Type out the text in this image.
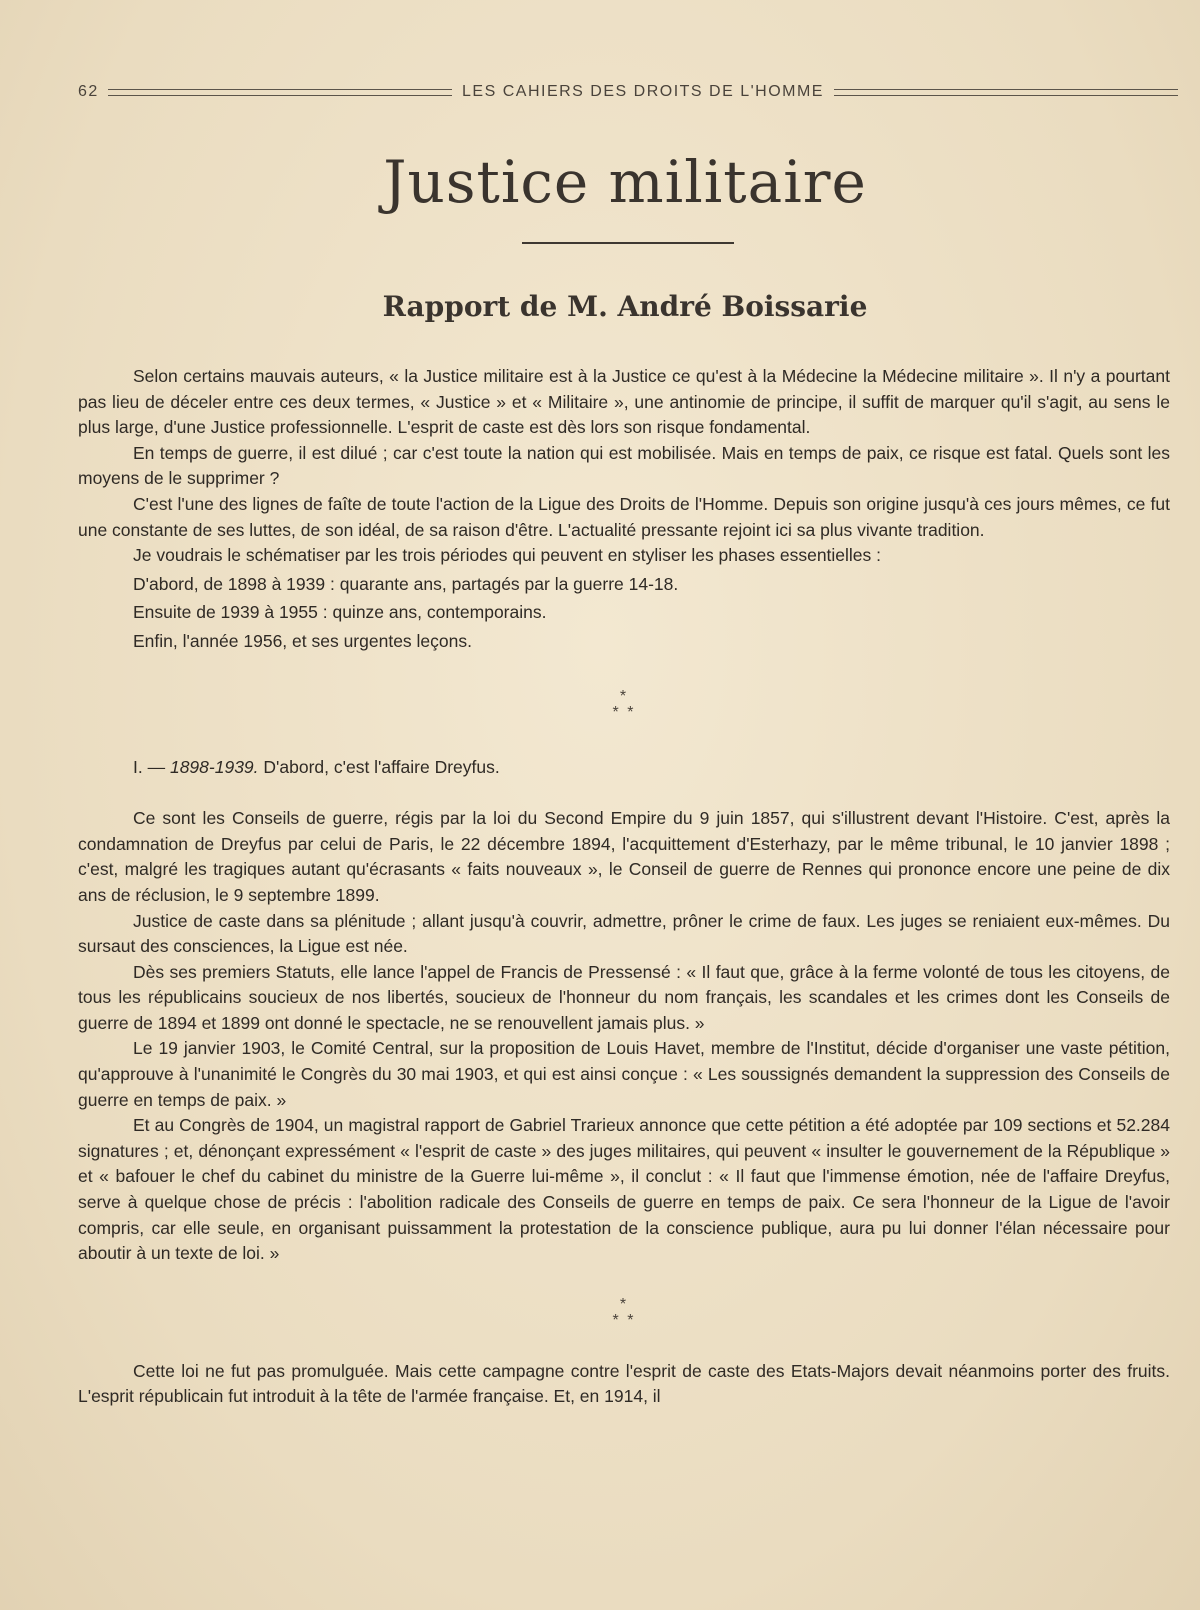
62	LES CAHIERS DES DROITS DE L'HOMME
Justice militaire
Rapport de M. André Boissarie

Selon certains mauvais auteurs, « la Justice militaire est à la Justice ce qu'est à la Médecine la Médecine militaire ». Il n'y a pourtant pas lieu de déceler entre ces deux termes, « Justice » et « Militaire », une antinomie de principe, il suffit de marquer qu'il s'agit, au sens le plus large, d'une Justice professionnelle. L'esprit de caste est dès lors son risque fondamental.

En temps de guerre, il est dilué ; car c'est toute la nation qui est mobilisée. Mais en temps de paix, ce risque est fatal. Quels sont les moyens de le supprimer ?

C'est l'une des lignes de faîte de toute l'action de la Ligue des Droits de l'Homme. Depuis son origine jusqu'à ces jours mêmes, ce fut une constante de ses luttes, de son idéal, de sa raison d'être. L'actualité pressante rejoint ici sa plus vivante tradition.

Je voudrais le schématiser par les trois périodes qui peuvent en styliser les phases essentielles :

D'abord, de 1898 à 1939 : quarante ans, partagés par la guerre 14-18.

Ensuite de 1939 à 1955 : quinze ans, contemporains.

Enfin, l'année 1956, et ses urgentes leçons.

*
* *

I. — 1898-1939. D'abord, c'est l'affaire Dreyfus.

Ce sont les Conseils de guerre, régis par la loi du Second Empire du 9 juin 1857, qui s'illustrent devant l'Histoire. C'est, après la condamnation de Dreyfus par celui de Paris, le 22 décembre 1894, l'acquittement d'Esterhazy, par le même tribunal, le 10 janvier 1898 ; c'est, malgré les tragiques autant qu'écrasants « faits nouveaux », le Conseil de guerre de Rennes qui prononce encore une peine de dix ans de réclusion, le 9 septembre 1899.

Justice de caste dans sa plénitude ; allant jusqu'à couvrir, admettre, prôner le crime de faux. Les juges se reniaient eux-mêmes. Du sursaut des consciences, la Ligue est née.

Dès ses premiers Statuts, elle lance l'appel de Francis de Pressensé : « Il faut que, grâce à la ferme volonté de tous les citoyens, de tous les républicains soucieux de nos libertés, soucieux de l'honneur du nom français, les scandales et les crimes dont les Conseils de guerre de 1894 et 1899 ont donné le spectacle, ne se renouvellent jamais plus. »

Le 19 janvier 1903, le Comité Central, sur la proposition de Louis Havet, membre de l'Institut, décide d'organiser une vaste pétition, qu'approuve à l'unanimité le Congrès du 30 mai 1903, et qui est ainsi conçue : « Les soussignés demandent la suppression des Conseils de guerre en temps de paix. »

Et au Congrès de 1904, un magistral rapport de Gabriel Trarieux annonce que cette pétition a été adoptée par 109 sections et 52.284 signatures ; et, dénonçant expressément « l'esprit de caste » des juges militaires, qui peuvent « insulter le gouvernement de la République » et « bafouer le chef du cabinet du ministre de la Guerre lui-même », il conclut : « Il faut que l'immense émotion, née de l'affaire Dreyfus, serve à quelque chose de précis : l'abolition radicale des Conseils de guerre en temps de paix. Ce sera l'honneur de la Ligue de l'avoir compris, car elle seule, en organisant puissamment la protestation de la conscience publique, aura pu lui donner l'élan nécessaire pour aboutir à un texte de loi. »

*
* *

Cette loi ne fut pas promulguée. Mais cette campagne contre l'esprit de caste des Etats-Majors devait néanmoins porter des fruits. L'esprit républicain fut introduit à la tête de l'armée française. Et, en 1914, il
